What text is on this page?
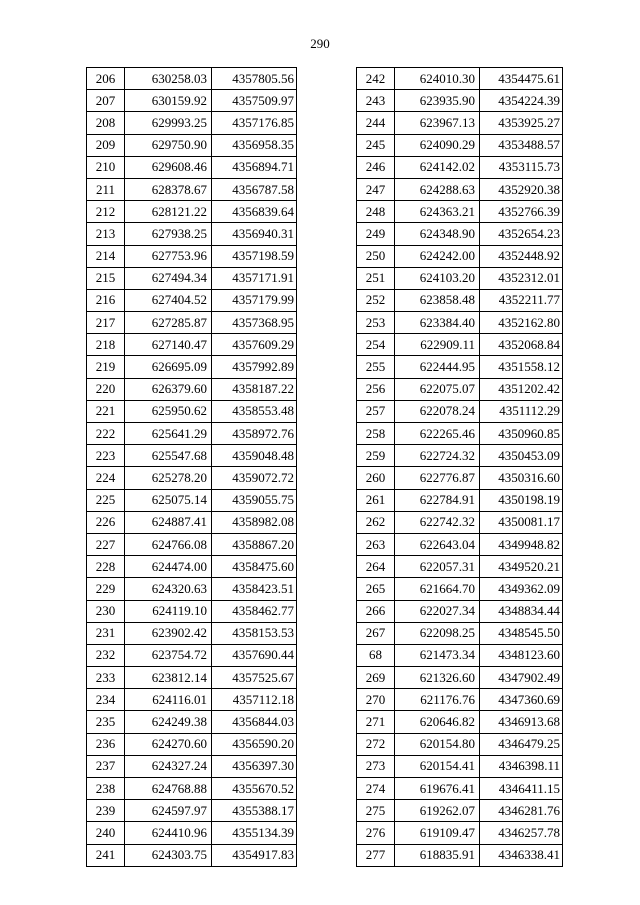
290
206	630258.03	4357805.56
207	630159.92	4357509.97
208	629993.25	4357176.85
209	629750.90	4356958.35
210	629608.46	4356894.71
211	628378.67	4356787.58
212	628121.22	4356839.64
213	627938.25	4356940.31
214	627753.96	4357198.59
215	627494.34	4357171.91
216	627404.52	4357179.99
217	627285.87	4357368.95
218	627140.47	4357609.29
219	626695.09	4357992.89
220	626379.60	4358187.22
221	625950.62	4358553.48
222	625641.29	4358972.76
223	625547.68	4359048.48
224	625278.20	4359072.72
225	625075.14	4359055.75
226	624887.41	4358982.08
227	624766.08	4358867.20
228	624474.00	4358475.60
229	624320.63	4358423.51
230	624119.10	4358462.77
231	623902.42	4358153.53
232	623754.72	4357690.44
233	623812.14	4357525.67
234	624116.01	4357112.18
235	624249.38	4356844.03
236	624270.60	4356590.20
237	624327.24	4356397.30
238	624768.88	4355670.52
239	624597.97	4355388.17
240	624410.96	4355134.39
241	624303.75	4354917.83
242	624010.30	4354475.61
243	623935.90	4354224.39
244	623967.13	4353925.27
245	624090.29	4353488.57
246	624142.02	4353115.73
247	624288.63	4352920.38
248	624363.21	4352766.39
249	624348.90	4352654.23
250	624242.00	4352448.92
251	624103.20	4352312.01
252	623858.48	4352211.77
253	623384.40	4352162.80
254	622909.11	4352068.84
255	622444.95	4351558.12
256	622075.07	4351202.42
257	622078.24	4351112.29
258	622265.46	4350960.85
259	622724.32	4350453.09
260	622776.87	4350316.60
261	622784.91	4350198.19
262	622742.32	4350081.17
263	622643.04	4349948.82
264	622057.31	4349520.21
265	621664.70	4349362.09
266	622027.34	4348834.44
267	622098.25	4348545.50
68	621473.34	4348123.60
269	621326.60	4347902.49
270	621176.76	4347360.69
271	620646.82	4346913.68
272	620154.80	4346479.25
273	620154.41	4346398.11
274	619676.41	4346411.15
275	619262.07	4346281.76
276	619109.47	4346257.78
277	618835.91	4346338.41
